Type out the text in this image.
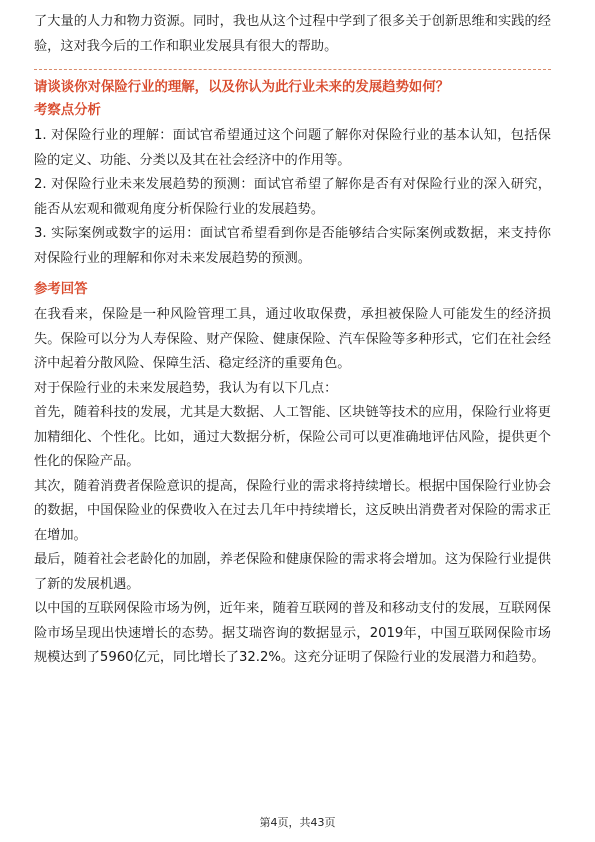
了大量的人力和物力资源。同时，我也从这个过程中学到了很多关于创新思维和实践的经验，这对我今后的工作和职业发展具有很大的帮助。

请谈谈你对保险行业的理解，以及你认为此行业未来的发展趋势如何？

考察点分析

1. 对保险行业的理解：面试官希望通过这个问题了解你对保险行业的基本认知，包括保险的定义、功能、分类以及其在社会经济中的作用等。

2. 对保险行业未来发展趋势的预测：面试官希望了解你是否有对保险行业的深入研究，能否从宏观和微观角度分析保险行业的发展趋势。

3. 实际案例或数字的运用：面试官希望看到你是否能够结合实际案例或数据，来支持你对保险行业的理解和你对未来发展趋势的预测。

参考回答

在我看来，保险是一种风险管理工具，通过收取保费，承担被保险人可能发生的经济损失。保险可以分为人寿保险、财产保险、健康保险、汽车保险等多种形式，它们在社会经济中起着分散风险、保障生活、稳定经济的重要角色。

对于保险行业的未来发展趋势，我认为有以下几点：

首先，随着科技的发展，尤其是大数据、人工智能、区块链等技术的应用，保险行业将更加精细化、个性化。比如，通过大数据分析，保险公司可以更准确地评估风险，提供更个性化的保险产品。

其次，随着消费者保险意识的提高，保险行业的需求将持续增长。根据中国保险行业协会的数据，中国保险业的保费收入在过去几年中持续增长，这反映出消费者对保险的需求正在增加。

最后，随着社会老龄化的加剧，养老保险和健康保险的需求将会增加。这为保险行业提供了新的发展机遇。

以中国的互联网保险市场为例，近年来，随着互联网的普及和移动支付的发展，互联网保险市场呈现出快速增长的态势。据艾瑞咨询的数据显示，2019年，中国互联网保险市场规模达到了5960亿元，同比增长了32.2%。这充分证明了保险行业的发展潜力和趋势。

第4页，共43页
